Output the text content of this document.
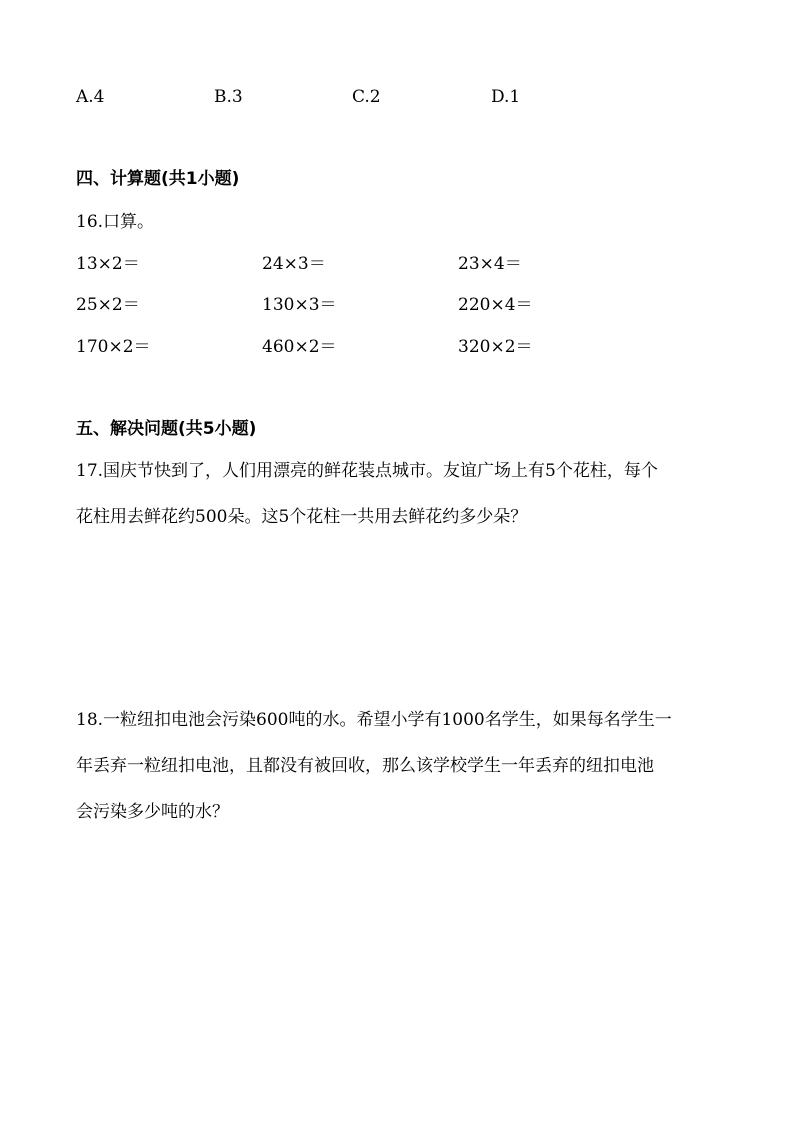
A.4	B.3	C.2	D.1
四、计算题(共1小题)
16.口算。
13×2＝	24×3＝	23×4＝
25×2＝	130×3＝	220×4＝
170×2＝	460×2＝	320×2＝
五、解决问题(共5小题)
17.国庆节快到了，人们用漂亮的鲜花装点城市。友谊广场上有5个花柱，每个
花柱用去鲜花约500朵。这5个花柱一共用去鲜花约多少朵？
18.一粒纽扣电池会污染600吨的水。希望小学有1000名学生，如果每名学生一
年丢弃一粒纽扣电池，且都没有被回收，那么该学校学生一年丢弃的纽扣电池
会污染多少吨的水？
